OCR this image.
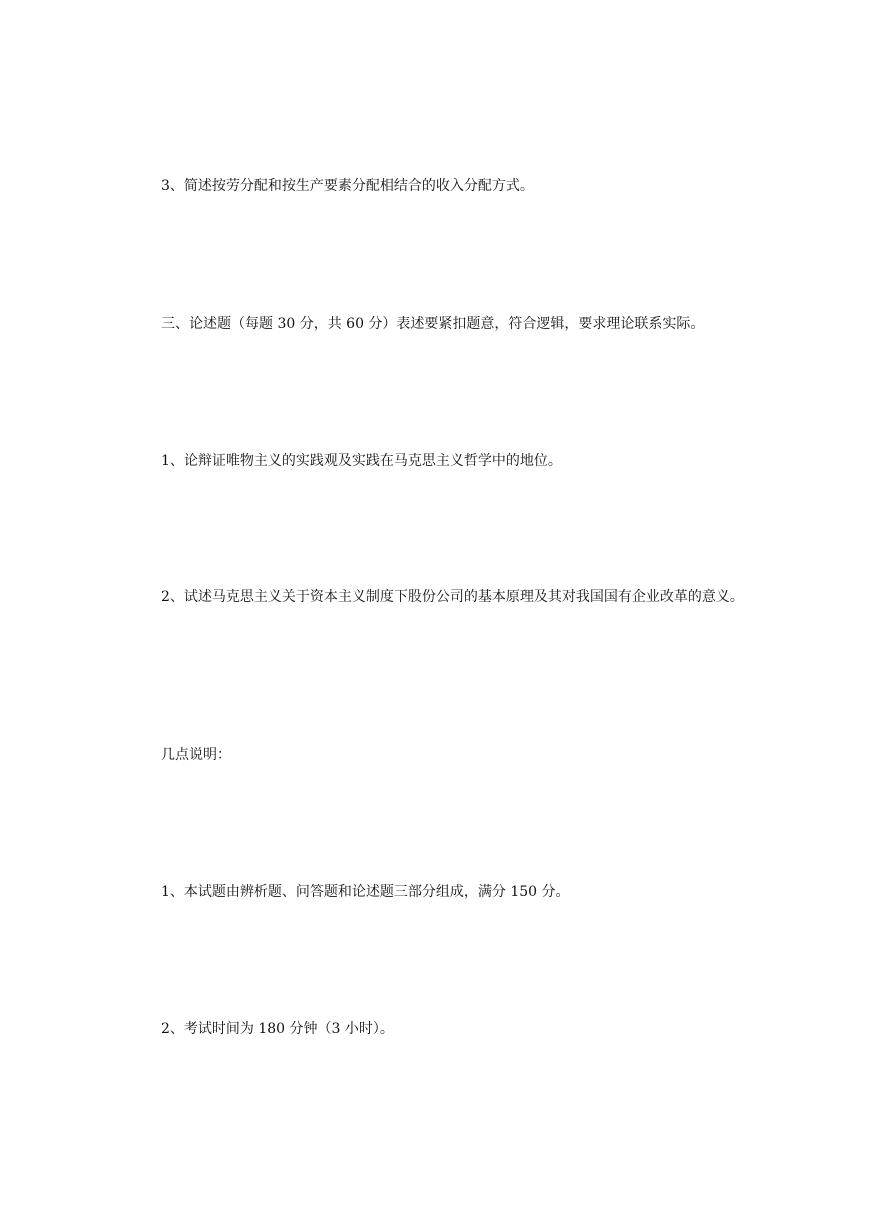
3、简述按劳分配和按生产要素分配相结合的收入分配方式。

三、论述题（每题 30 分，共 60 分）表述要紧扣题意，符合逻辑，要求理论联系实际。

1、论辩证唯物主义的实践观及实践在马克思主义哲学中的地位。

2、试述马克思主义关于资本主义制度下股份公司的基本原理及其对我国国有企业改革的意义。

几点说明：

1、本试题由辨析题、问答题和论述题三部分组成，满分 150 分。

2、考试时间为 180 分钟（3 小时）。
